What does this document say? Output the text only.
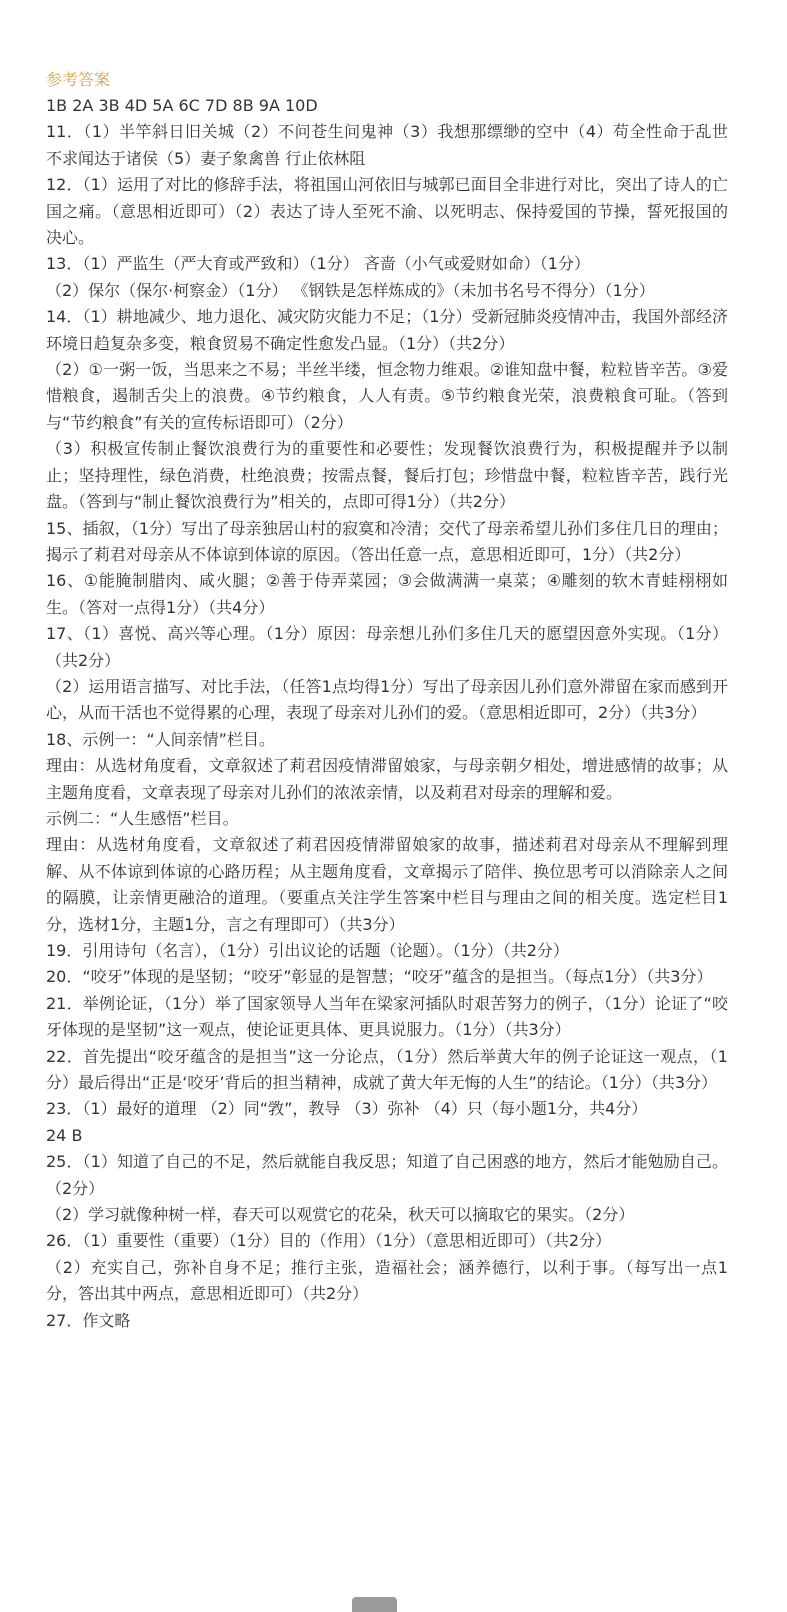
参考答案
1B 2A 3B 4D 5A 6C 7D 8B 9A 10D
11．（1）半竿斜日旧关城（2）不问苍生问鬼神（3）我想那缥缈的空中（4）苟全性命于乱世 不求闻达于诸侯（5）妻子象禽兽 行止依林阻
12．（1）运用了对比的修辞手法，将祖国山河依旧与城郭已面目全非进行对比，突出了诗人的亡国之痛。（意思相近即可）（2）表达了诗人至死不渝、以死明志、保持爱国的节操，誓死报国的决心。
13．（1）严监生（严大育或严致和）（1分） 吝啬（小气或爱财如命）（1分）
（2）保尔（保尔·柯察金）（1分） 《钢铁是怎样炼成的》（未加书名号不得分）（1分）
14．（1）耕地减少、地力退化、减灾防灾能力不足；（1分）受新冠肺炎疫情冲击，我国外部经济环境日趋复杂多变，粮食贸易不确定性愈发凸显。（1分）（共2分）
（2）①一粥一饭，当思来之不易；半丝半缕，恒念物力维艰。②谁知盘中餐，粒粒皆辛苦。③爱惜粮食，遏制舌尖上的浪费。④节约粮食，人人有责。⑤节约粮食光荣，浪费粮食可耻。（答到与“节约粮食”有关的宣传标语即可）（2分）
（3）积极宣传制止餐饮浪费行为的重要性和必要性；发现餐饮浪费行为，积极提醒并予以制止；坚持理性，绿色消费，杜绝浪费；按需点餐，餐后打包；珍惜盘中餐，粒粒皆辛苦，践行光盘。（答到与“制止餐饮浪费行为”相关的，点即可得1分）（共2分）
15、插叙，（1分）写出了母亲独居山村的寂寞和冷清；交代了母亲希望儿孙们多住几日的理由；揭示了莉君对母亲从不体谅到体谅的原因。（答出任意一点，意思相近即可，1分）（共2分）
16、①能腌制腊肉、咸火腿；②善于侍弄菜园；③会做满满一桌菜；④雕刻的软木青蛙栩栩如生。（答对一点得1分）（共4分）
17、（1）喜悦、高兴等心理。（1分）原因：母亲想儿孙们多住几天的愿望因意外实现。（1分）（共2分）
（2）运用语言描写、对比手法，（任答1点均得1分）写出了母亲因儿孙们意外滞留在家而感到开心，从而干活也不觉得累的心理，表现了母亲对儿孙们的爱。（意思相近即可，2分）（共3分）
18、示例一：“人间亲情”栏目。
理由：从选材角度看，文章叙述了莉君因疫情滞留娘家，与母亲朝夕相处，增进感情的故事；从主题角度看，文章表现了母亲对儿孙们的浓浓亲情，以及莉君对母亲的理解和爱。
示例二：“人生感悟”栏目。
理由：从选材角度看，文章叙述了莉君因疫情滞留娘家的故事，描述莉君对母亲从不理解到理解、从不体谅到体谅的心路历程；从主题角度看，文章揭示了陪伴、换位思考可以消除亲人之间的隔膜，让亲情更融洽的道理。（要重点关注学生答案中栏目与理由之间的相关度。选定栏目1分，选材1分，主题1分，言之有理即可）（共3分）
19．引用诗句（名言），（1分）引出议论的话题（论题）。（1分）（共2分）
20．“咬牙”体现的是坚韧；“咬牙”彰显的是智慧；“咬牙”蕴含的是担当。（每点1分）（共3分）
21．举例论证，（1分）举了国家领导人当年在梁家河插队时艰苦努力的例子，（1分）论证了“咬牙体现的是坚韧”这一观点，使论证更具体、更具说服力。（1分）（共3分）
22．首先提出“咬牙蕴含的是担当”这一分论点，（1分）然后举黄大年的例子论证这一观点，（1分）最后得出“正是‘咬牙’背后的担当精神，成就了黄大年无悔的人生”的结论。（1分）（共3分）
23．（1）最好的道理 （2）同“敩”，教导 （3）弥补 （4）只（每小题1分，共4分）
24 B
25．（1）知道了自己的不足，然后就能自我反思；知道了自己困惑的地方，然后才能勉励自己。（2分）
（2）学习就像种树一样，春天可以观赏它的花朵，秋天可以摘取它的果实。（2分）
26．（1）重要性（重要）（1分）目的（作用）（1分）（意思相近即可）（共2分）
（2）充实自己，弥补自身不足；推行主张，造福社会；涵养德行，以利于事。（每写出一点1分，答出其中两点，意思相近即可）（共2分）
27．作文略
